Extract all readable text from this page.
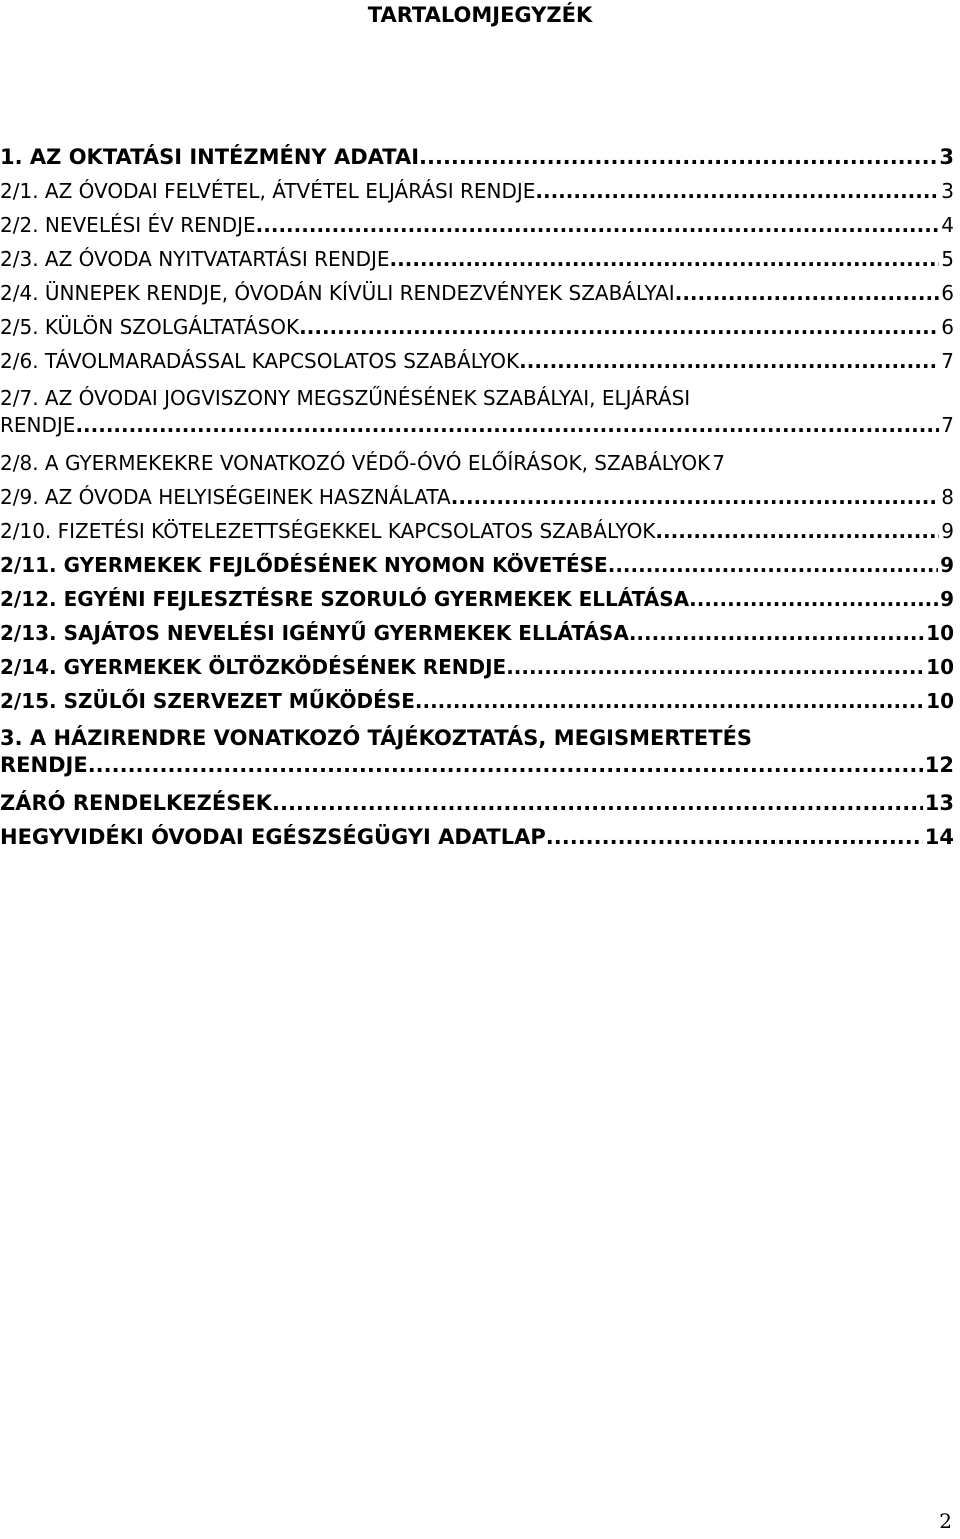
TARTALOMJEGYZÉK
1. AZ OKTATÁSI INTÉZMÉNY ADATAI .....	3
2/1. AZ ÓVODAI FELVÉTEL, ÁTVÉTEL ELJÁRÁSI RENDJE .....	3
2/2. NEVELÉSI ÉV RENDJE .....	4
2/3. AZ ÓVODA NYITVATARTÁSI RENDJE .....	5
2/4. ÜNNEPEK RENDJE, ÓVODÁN KÍVÜLI RENDEZVÉNYEK SZABÁLYAI .....	6
2/5. KÜLÖN SZOLGÁLTATÁSOK .....	6
2/6. TÁVOLMARADÁSSAL KAPCSOLATOS SZABÁLYOK .....	7
2/7. AZ ÓVODAI JOGVISZONY MEGSZŰNÉSÉNEK SZABÁLYAI, ELJÁRÁSI
RENDJE .....	7
2/8. A GYERMEKEKRE VONATKOZÓ VÉDŐ-ÓVÓ ELŐÍRÁSOK, SZABÁLYOK 7
2/9. AZ ÓVODA HELYISÉGEINEK HASZNÁLATA .....	8
2/10. FIZETÉSI KÖTELEZETTSÉGEKKEL KAPCSOLATOS SZABÁLYOK .....	9
2/11. GYERMEKEK FEJLŐDÉSÉNEK NYOMON KÖVETÉSE .....	9
2/12. EGYÉNI FEJLESZTÉSRE SZORULÓ GYERMEKEK ELLÁTÁSA .....	9
2/13. SAJÁTOS NEVELÉSI IGÉNYŰ GYERMEKEK ELLÁTÁSA .....	10
2/14. GYERMEKEK ÖLTÖZKÖDÉSÉNEK RENDJE .....	10
2/15. SZÜLŐI SZERVEZET MŰKÖDÉSE .....	10
3. A HÁZIRENDRE VONATKOZÓ TÁJÉKOZTATÁS, MEGISMERTETÉS
RENDJE .....	12
ZÁRÓ RENDELKEZÉSEK .....	13
HEGYVIDÉKI ÓVODAI EGÉSZSÉGÜGYI ADATLAP .....	14

2
